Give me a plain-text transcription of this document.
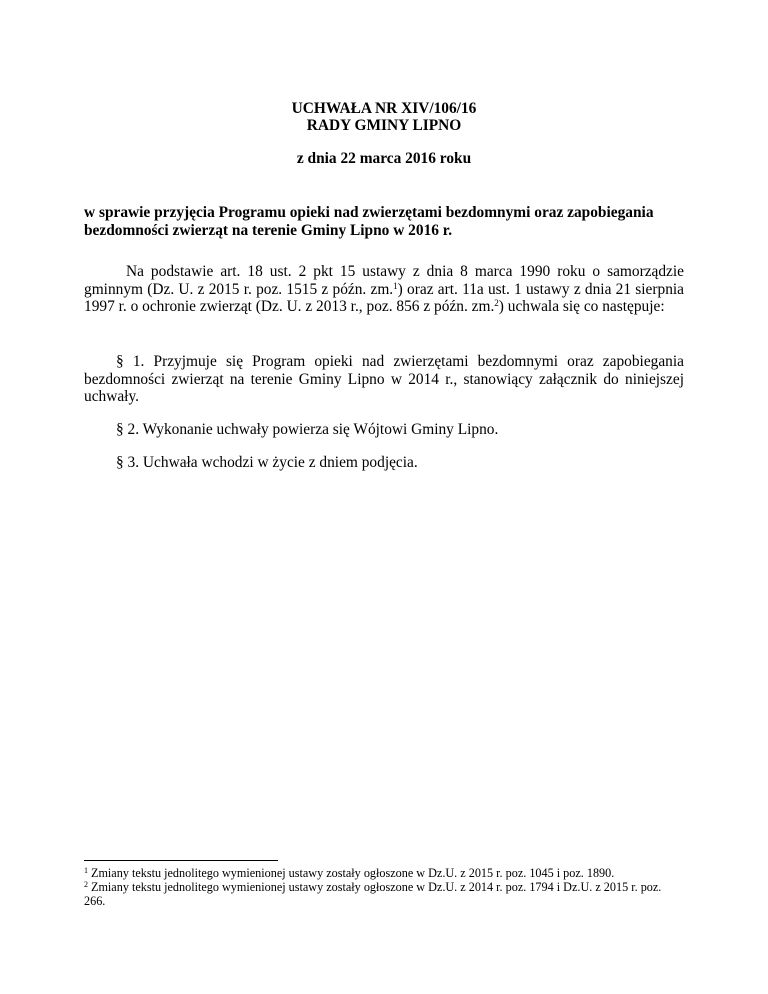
UCHWAŁA NR XIV/106/16
RADY GMINY LIPNO
z dnia 22 marca 2016 roku
w sprawie przyjęcia Programu opieki nad zwierzętami bezdomnymi oraz zapobiegania bezdomności zwierząt na terenie Gminy Lipno w 2016 r.
Na podstawie art. 18 ust. 2 pkt 15 ustawy z dnia 8 marca 1990 roku o samorządzie gminnym (Dz. U. z 2015 r. poz. 1515 z późn. zm.$^1$) oraz art. 11a ust. 1 ustawy z dnia 21 sierpnia 1997 r. o ochronie zwierząt (Dz. U. z 2013 r., poz. 856 z późn. zm.$^2$) uchwala się co następuje:
§ 1. Przyjmuje się Program opieki nad zwierzętami bezdomnymi oraz zapobiegania bezdomności zwierząt na terenie Gminy Lipno w 2014 r., stanowiący załącznik do niniejszej uchwały.
§ 2. Wykonanie uchwały powierza się Wójtowi Gminy Lipno.
§ 3. Uchwała wchodzi w życie z dniem podjęcia.
$^1$ Zmiany tekstu jednolitego wymienionej ustawy zostały ogłoszone w Dz.U. z 2015 r. poz. 1045 i poz. 1890.
$^2$ Zmiany tekstu jednolitego wymienionej ustawy zostały ogłoszone w Dz.U. z 2014 r. poz. 1794 i Dz.U. z 2015 r. poz. 266.
